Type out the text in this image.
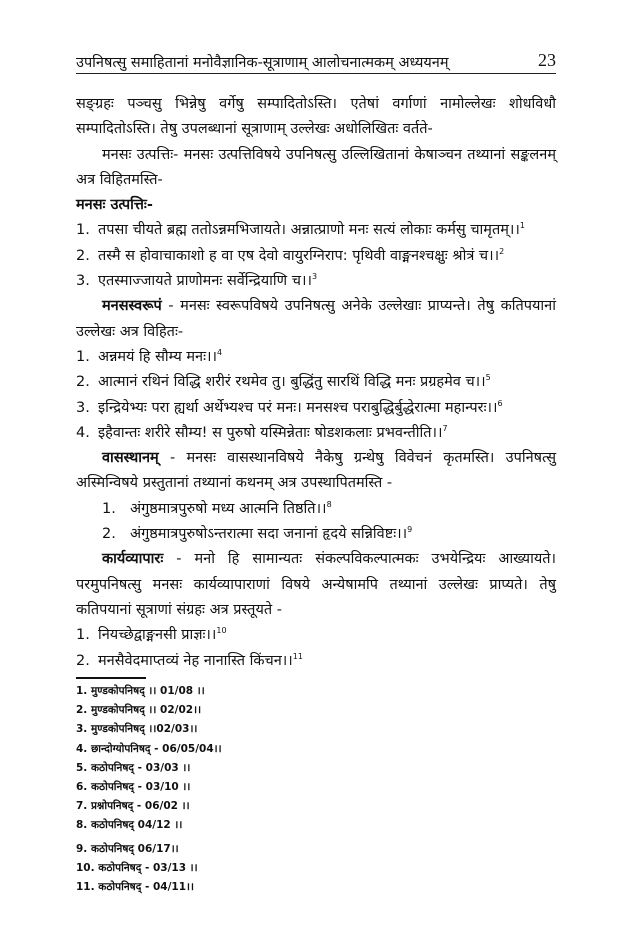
उपनिषत्सु समाहितानां मनोवैज्ञानिक-सूत्राणाम् आलोचनात्मकम् अध्ययनम्	23

सङ्ग्रहः पञ्चसु भिन्नेषु वर्गेषु सम्पादितोऽस्ति। एतेषां वर्गाणां नामोल्लेखः शोधविधौ सम्पादितोऽस्ति। तेषु उपलब्धानां सूत्राणाम् उल्लेखः अधोलिखितः वर्तते-

मनसः उत्पत्तिः- मनसः उत्पत्तिविषये उपनिषत्सु उल्लिखितानां केषाञ्चन तथ्यानां सङ्कलनम् अत्र विहितमस्ति-

मनसः उत्पत्तिः-

1. तपसा चीयते ब्रह्म ततोऽन्नमभिजायते। अन्नात्प्राणो मनः सत्यं लोकाः कर्मसु चामृतम्।।$^1$
2. तस्मै स होवाचाकाशो ह वा एष देवो वायुरग्निराप: पृथिवी वाङ्मनश्चक्षुः श्रोत्रं च।।$^2$
3. एतस्माज्जायते प्राणोमनः सर्वेन्द्रियाणि च।।$^3$

मनसस्वरूपं - मनसः स्वरूपविषये उपनिषत्सु अनेके उल्लेखाः प्राप्यन्ते। तेषु कतिपयानां उल्लेखः अत्र विहितः-

1. अन्नमयं हि सौम्य मनः।।$^4$
2. आत्मानं रथिनं विद्धि शरीरं रथमेव तु। बुद्धिंतु सारथिं विद्धि मनः प्रग्रहमेव च।।$^5$
3. इन्द्रियेभ्यः परा ह्यर्था अर्थेभ्यश्च परं मनः। मनसश्च पराबुद्धिर्बुद्धेरात्मा महान्परः।।$^6$
4. इहैवान्तः शरीरे सौम्य! स पुरुषो यस्मिन्नेताः षोडशकलाः प्रभवन्तीति।।$^7$

वासस्थानम् - मनसः वासस्थानविषये नैकेषु ग्रन्थेषु विवेचनं कृतमस्ति। उपनिषत्सु अस्मिन्विषये प्रस्तुतानां तथ्यानां कथनम् अत्र उपस्थापितमस्ति -

1. अंगुष्ठमात्रपुरुषो मध्य आत्मनि तिष्ठति।।$^8$
2. अंगुष्ठमात्रपुरुषोऽन्तरात्मा सदा जनानां हृदये सन्निविष्टः।।$^9$

कार्यव्यापारः - मनो हि सामान्यतः संकल्पविकल्पात्मकः उभयेन्द्रियः आख्यायते। परमुपनिषत्सु मनसः कार्यव्यापाराणां विषये अन्येषामपि तथ्यानां उल्लेखः प्राप्यते। तेषु कतिपयानां सूत्राणां संग्रहः अत्र प्रस्तूयते -

1. नियच्छेद्वाङ्मनसी प्राज्ञः।।$^{10}$
2. मनसैवेदमाप्तव्यं नेह नानास्ति किंचन।।$^{11}$
1. मुण्डकोपनिषद् ।। 01/08 ।।
2. मुण्डकोपनिषद् ।। 02/02।।
3. मुण्डकोपनिषद् ।।02/03।।
4. छान्दोग्योपनिषद् - 06/05/04।।
5. कठोपनिषद् - 03/03 ।।
6. कठोपनिषद् - 03/10 ।।
7. प्रश्नोपनिषद् - 06/02 ।।
8. कठोपनिषद् 04/12 ।।
9. कठोपनिषद् 06/17।।
10. कठोपनिषद् - 03/13 ।।
11. कठोपनिषद् - 04/11।।
